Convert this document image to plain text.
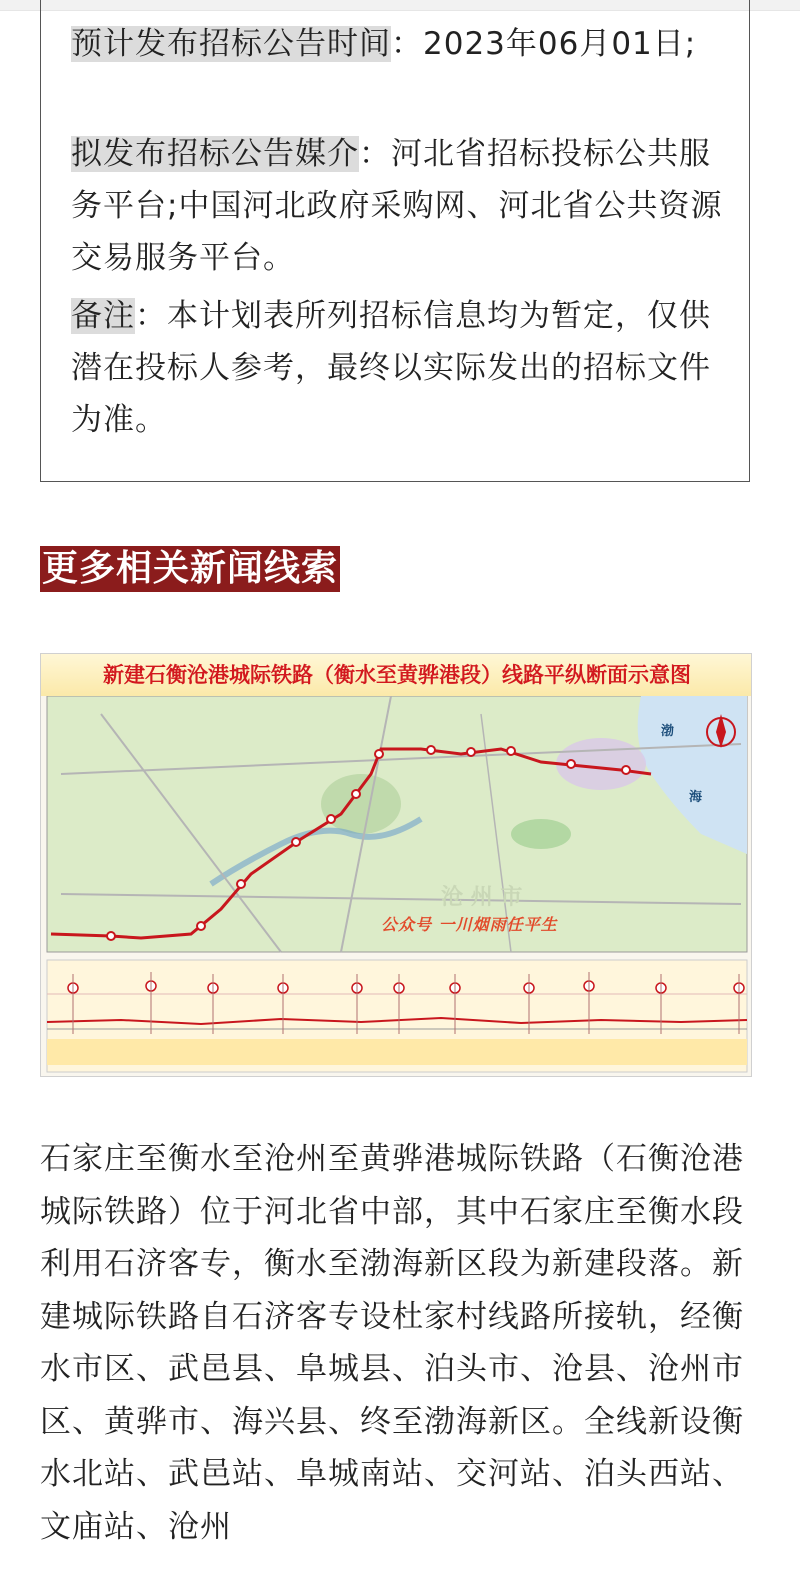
预计发布招标公告时间：2023年06月01日;

拟发布招标公告媒介：河北省招标投标公共服务平台;中国河北政府采购网、河北省公共资源交易服务平台。

备注：本计划表所列招标信息均为暂定，仅供潜在投标人参考，最终以实际发出的招标文件为准。

更多相关新闻线索
新建石衡沧港城际铁路（衡水至黄骅港段）线路平纵断面示意图
渤
海
沧 州 市
公众号 一川烟雨任平生

石家庄至衡水至沧州至黄骅港城际铁路（石衡沧港城际铁路）位于河北省中部，其中石家庄至衡水段利用石济客专，衡水至渤海新区段为新建段落。新建城际铁路自石济客专设杜家村线路所接轨，经衡水市区、武邑县、阜城县、泊头市、沧县、沧州市区、黄骅市、海兴县、终至渤海新区。全线新设衡水北站、武邑站、阜城南站、交河站、泊头西站、文庙站、沧州
